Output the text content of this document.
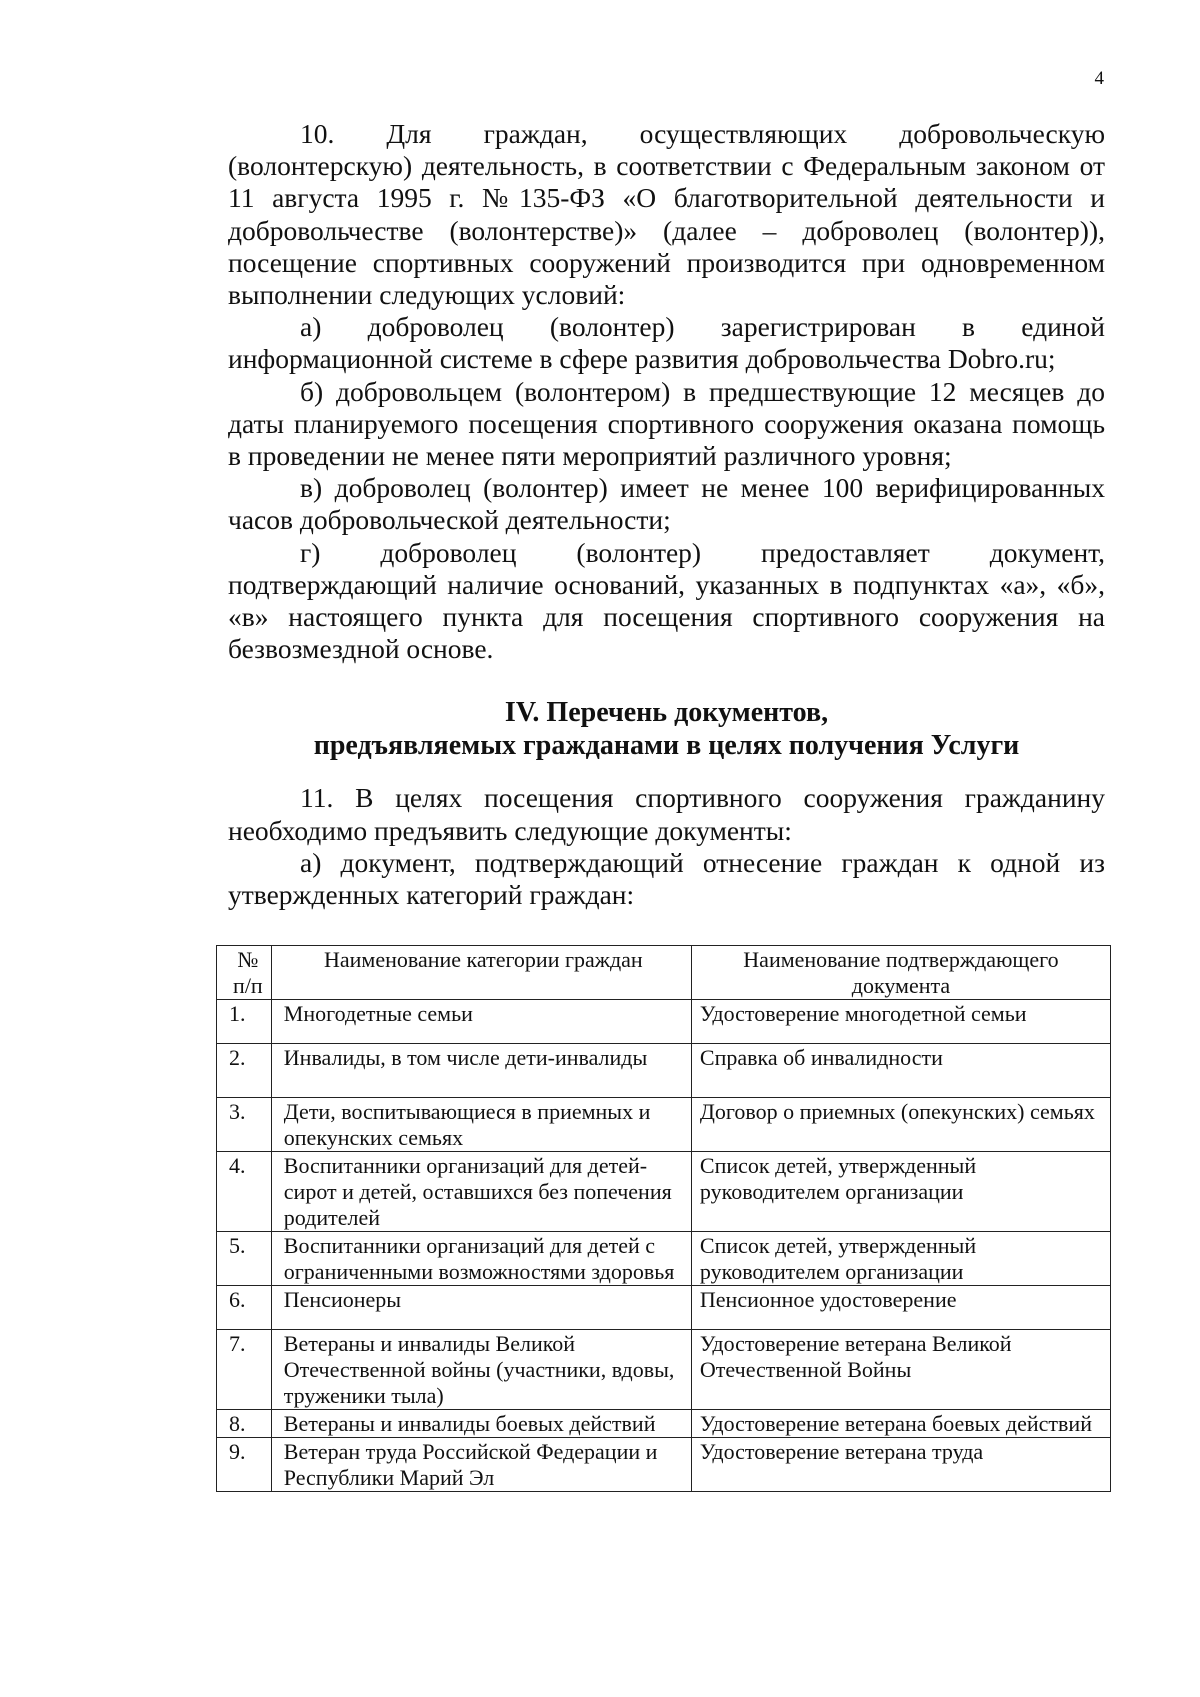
4

10. Для граждан, осуществляющих добровольческую (волонтерскую) деятельность, в соответствии с Федеральным законом от 11 августа 1995 г. №135-ФЗ «О благотворительной деятельности и добровольчестве (волонтерстве)» (далее – доброволец (волонтер)), посещение спортивных сооружений производится при одновременном выполнении следующих условий:

а) доброволец (волонтер) зарегистрирован в единой информационной системе в сфере развития добровольчества Dobro.ru;

б) добровольцем (волонтером) в предшествующие 12 месяцев до даты планируемого посещения спортивного сооружения оказана помощь в проведении не менее пяти мероприятий различного уровня;

в) доброволец (волонтер) имеет не менее 100 верифицированных часов добровольческой деятельности;

г) доброволец (волонтер) предоставляет документ, подтверждающий наличие оснований, указанных в подпунктах «а», «б», «в» настоящего пункта для посещения спортивного сооружения на безвозмездной основе.

IV. Перечень документов,
предъявляемых гражданами в целях получения Услуги

11. В целях посещения спортивного сооружения гражданину необходимо предъявить следующие документы:

а) документ, подтверждающий отнесение граждан к одной из утвержденных категорий граждан:

№ п/п	Наименование категории граждан	Наименование подтверждающего документа
1.	Многодетные семьи	Удостоверение многодетной семьи
2.	Инвалиды, в том числе дети-инвалиды	Справка об инвалидности
3.	Дети, воспитывающиеся в приемных и опекунских семьях	Договор о приемных (опекунских) семьях
4.	Воспитанники организаций для детей-сирот и детей, оставшихся без попечения родителей	Список детей, утвержденный руководителем организации
5.	Воспитанники организаций для детей с ограниченными возможностями здоровья	Список детей, утвержденный руководителем организации
6.	Пенсионеры	Пенсионное удостоверение
7.	Ветераны и инвалиды Великой Отечественной войны (участники, вдовы, труженики тыла)	Удостоверение ветерана Великой Отечественной Войны
8.	Ветераны и инвалиды боевых действий	Удостоверение ветерана боевых действий
9.	Ветеран труда Российской Федерации и Республики Марий Эл	Удостоверение ветерана труда
